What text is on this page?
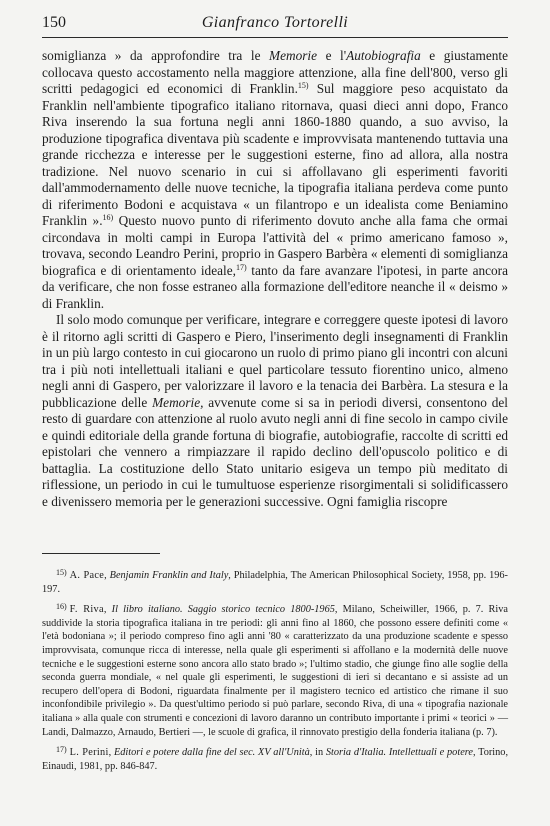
150	Gianfranco Tortorelli

somiglianza » da approfondire tra le Memorie e l'Autobiografia e giustamente collocava questo accostamento nella maggiore attenzione, alla fine dell'800, verso gli scritti pedagogici ed economici di Franklin.$^{15)}$ Sul maggiore peso acquistato da Franklin nell'ambiente tipografico italiano ritornava, quasi dieci anni dopo, Franco Riva inserendo la sua fortuna negli anni 1860-1880 quando, a suo avviso, la produzione tipografica diventava più scadente e improvvisata mantenendo tuttavia una grande ricchezza e interesse per le suggestioni esterne, fino ad allora, alla nostra tradizione. Nel nuovo scenario in cui si affollavano gli esperimenti favoriti dall'ammodernamento delle nuove tecniche, la tipografia italiana perdeva come punto di riferimento Bodoni e acquistava « un filantropo e un idealista come Beniamino Franklin ».$^{16)}$ Questo nuovo punto di riferimento dovuto anche alla fama che ormai circondava in molti campi in Europa l'attività del « primo americano famoso », trovava, secondo Leandro Perini, proprio in Gaspero Barbèra « elementi di somiglianza biografica e di orientamento ideale,$^{17)}$ tanto da fare avanzare l'ipotesi, in parte ancora da verificare, che non fosse estraneo alla formazione dell'editore neanche il « deismo » di Franklin.

Il solo modo comunque per verificare, integrare e correggere queste ipotesi di lavoro è il ritorno agli scritti di Gaspero e Piero, l'inserimento degli insegnamenti di Franklin in un più largo contesto in cui giocarono un ruolo di primo piano gli incontri con alcuni tra i più noti intellettuali italiani e quel particolare tessuto fiorentino unico, almeno negli anni di Gaspero, per valorizzare il lavoro e la tenacia dei Barbèra. La stesura e la pubblicazione delle Memorie, avvenute come si sa in periodi diversi, consentono del resto di guardare con attenzione al ruolo avuto negli anni di fine secolo in campo civile e quindi editoriale della grande fortuna di biografie, autobiografie, raccolte di scritti ed epistolari che vennero a rimpiazzare il rapido declino dell'opuscolo politico e di battaglia. La costituzione dello Stato unitario esigeva un tempo più meditato di riflessione, un periodo in cui le tumultuose esperienze risorgimentali si solidificassero e divenissero memoria per le generazioni successive. Ogni famiglia riscopre

$^{15)}$ A. Pace, Benjamin Franklin and Italy, Philadelphia, The American Philosophical Society, 1958, pp. 196-197.

$^{16)}$ F. Riva, Il libro italiano. Saggio storico tecnico 1800-1965, Milano, Scheiwiller, 1966, p. 7. Riva suddivide la storia tipografica italiana in tre periodi: gli anni fino al 1860, che possono essere definiti come « l'età bodoniana »; il periodo compreso fino agli anni '80 « caratterizzato da una produzione scadente e spesso improvvisata, comunque ricca di interesse, nella quale gli esperimenti si affollano e la modernità delle nuove tecniche e le suggestioni esterne sono ancora allo stato brado »; l'ultimo stadio, che giunge fino alle soglie della seconda guerra mondiale, « nel quale gli esperimenti, le suggestioni di ieri si decantano e si assiste ad un recupero dell'opera di Bodoni, riguardata finalmente per il magistero tecnico ed artistico che rimane il suo inconfondibile privilegio ». Da quest'ultimo periodo si può parlare, secondo Riva, di una « tipografia nazionale italiana » alla quale con strumenti e concezioni di lavoro daranno un contributo importante i primi « teorici » — Landi, Dalmazzo, Arnaudo, Bertieri —, le scuole di grafica, il rinnovato prestigio della fonderia italiana (p. 7).

$^{17)}$ L. Perini, Editori e potere dalla fine del sec. XV all'Unità, in Storia d'Italia. Intellettuali e potere, Torino, Einaudi, 1981, pp. 846-847.
